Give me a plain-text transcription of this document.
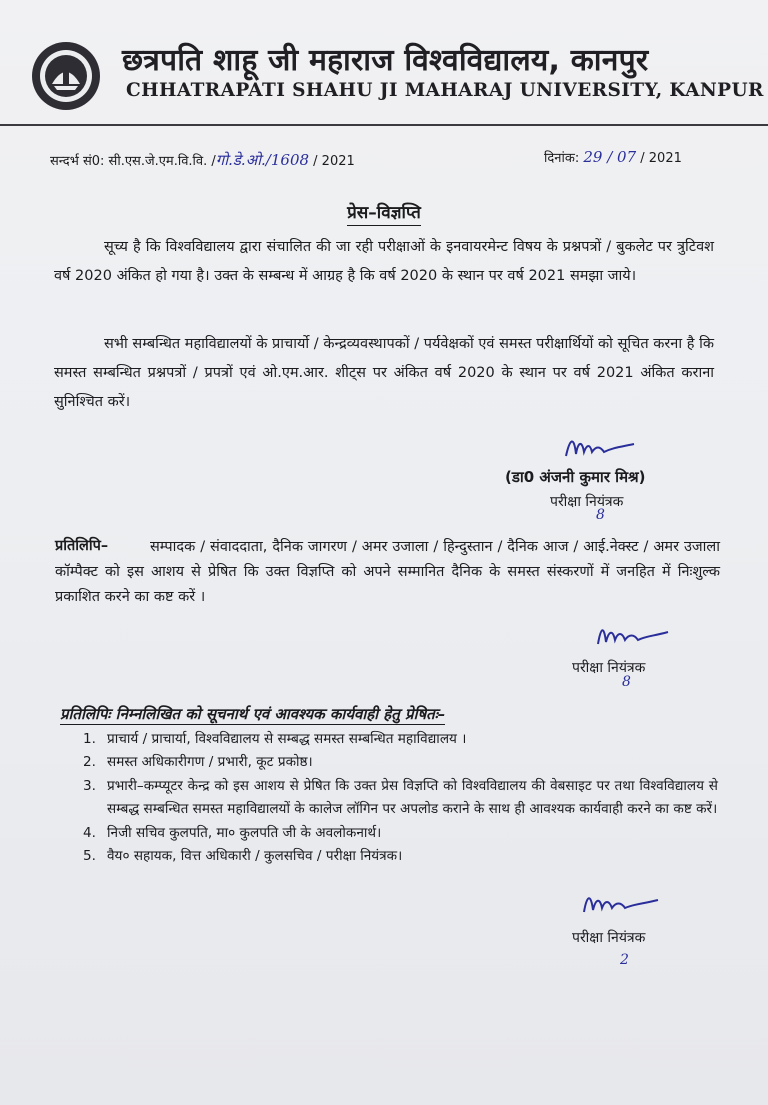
छत्रपति शाहू जी महाराज विश्वविद्यालय, कानपुर
CHHATRAPATI SHAHU JI MAHARAJ UNIVERSITY, KANPUR
सन्दर्भ सं0: सी.एस.जे.एम.वि.वि. /गो.डे.ओ./1608 / 2021	दिनांक: 29 / 07 / 2021
प्रेस–विज्ञप्ति
सूच्य है कि विश्वविद्यालय द्वारा संचालित की जा रही परीक्षाओं के इनवायरमेन्ट विषय के प्रश्नपत्रों / बुकलेट पर त्रुटिवश वर्ष 2020 अंकित हो गया है। उक्त के सम्बन्ध में आग्रह है कि वर्ष 2020 के स्थान पर वर्ष 2021 समझा जाये।
सभी सम्बन्धित महाविद्यालयों के प्राचार्यो / केन्द्रव्यवस्थापकों / पर्यवेक्षकों एवं समस्त परीक्षार्थियों को सूचित करना है कि समस्त सम्बन्धित प्रश्नपत्रों / प्रपत्रों एवं ओ.एम.आर. शीट्स पर अंकित वर्ष 2020 के स्थान पर वर्ष 2021 अंकित कराना सुनिश्चित करें।
(डा0 अंजनी कुमार मिश्र)
परीक्षा नियंत्रक
8
सम्पादक / संवाददाता, दैनिक जागरण / अमर उजाला / हिन्दुस्तान / दैनिक आज / आई.नेक्स्ट / अमर उजाला कॉम्पैक्ट को इस आशय से प्रेषित कि उक्त विज्ञप्ति को अपने सम्मानित दैनिक के समस्त संस्करणों में जनहित में निःशुल्क प्रकाशित करने का कष्ट करें ।
प्रतिलिपि–
परीक्षा नियंत्रक
8
प्रतिलिपिः निम्नलिखित को सूचनार्थ एवं आवश्यक कार्यवाही हेतु प्रेषितः–
1. प्राचार्य / प्राचार्या, विश्वविद्यालय से सम्बद्ध समस्त सम्बन्धित महाविद्यालय ।
2. समस्त अधिकारीगण / प्रभारी, कूट प्रकोष्ठ।
3. प्रभारी–कम्प्यूटर केन्द्र को इस आशय से प्रेषित कि उक्त प्रेस विज्ञप्ति को विश्वविद्यालय की वेबसाइट पर तथा विश्वविद्यालय से सम्बद्ध सम्बन्धित समस्त महाविद्यालयों के कालेज लॉगिन पर अपलोड कराने के साथ ही आवश्यक कार्यवाही करने का कष्ट करें।
4. निजी सचिव कुलपति, मा० कुलपति जी के अवलोकनार्थ।
5. वैय० सहायक, वित्त अधिकारी / कुलसचिव / परीक्षा नियंत्रक।
परीक्षा नियंत्रक
2
